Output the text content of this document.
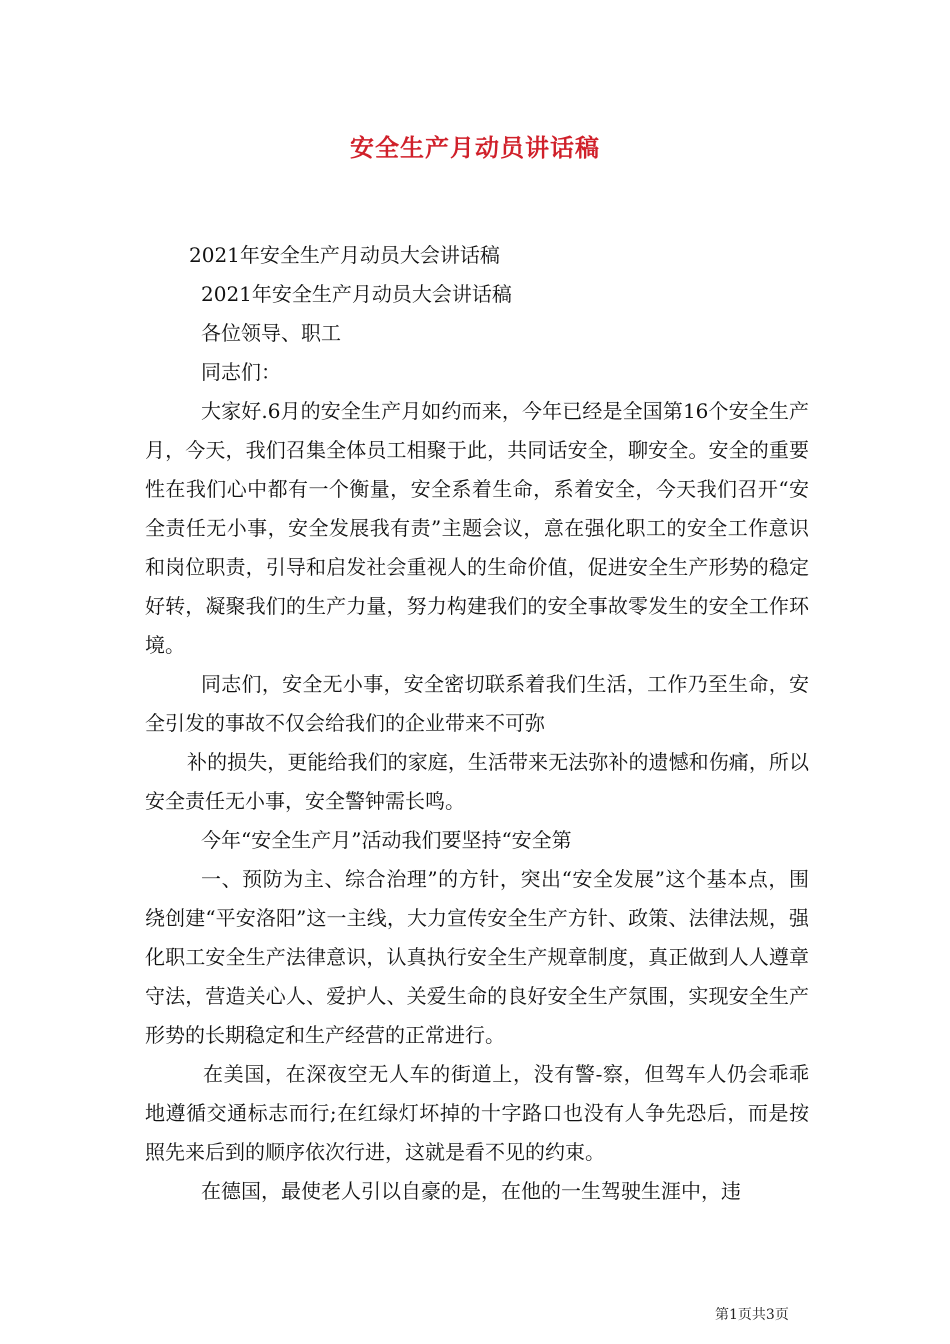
安全生产月动员讲话稿

2021年安全生产月动员大会讲话稿

2021年安全生产月动员大会讲话稿

各位领导、职工

同志们：

大家好.6月的安全生产月如约而来，今年已经是全国第16个安全生产月，今天，我们召集全体员工相聚于此，共同话安全，聊安全。安全的重要性在我们心中都有一个衡量，安全系着生命，系着安全，今天我们召开“安全责任无小事，安全发展我有责”主题会议，意在强化职工的安全工作意识和岗位职责，引导和启发社会重视人的生命价值，促进安全生产形势的稳定好转，凝聚我们的生产力量，努力构建我们的安全事故零发生的安全工作环境。

同志们，安全无小事，安全密切联系着我们生活，工作乃至生命，安全引发的事故不仅会给我们的企业带来不可弥

补的损失，更能给我们的家庭，生活带来无法弥补的遗憾和伤痛，所以安全责任无小事，安全警钟需长鸣。

今年“安全生产月”活动我们要坚持“安全第

一、预防为主、综合治理”的方针，突出“安全发展”这个基本点，围绕创建“平安洛阳”这一主线，大力宣传安全生产方针、政策、法律法规，强化职工安全生产法律意识，认真执行安全生产规章制度，真正做到人人遵章守法，营造关心人、爱护人、关爱生命的良好安全生产氛围，实现安全生产形势的长期稳定和生产经营的正常进行。

在美国，在深夜空无人车的街道上，没有警-察，但驾车人仍会乖乖地遵循交通标志而行;在红绿灯坏掉的十字路口也没有人争先恐后，而是按照先来后到的顺序依次行进，这就是看不见的约束。

在德国，最使老人引以自豪的是，在他的一生驾驶生涯中，违

第1页共3页
